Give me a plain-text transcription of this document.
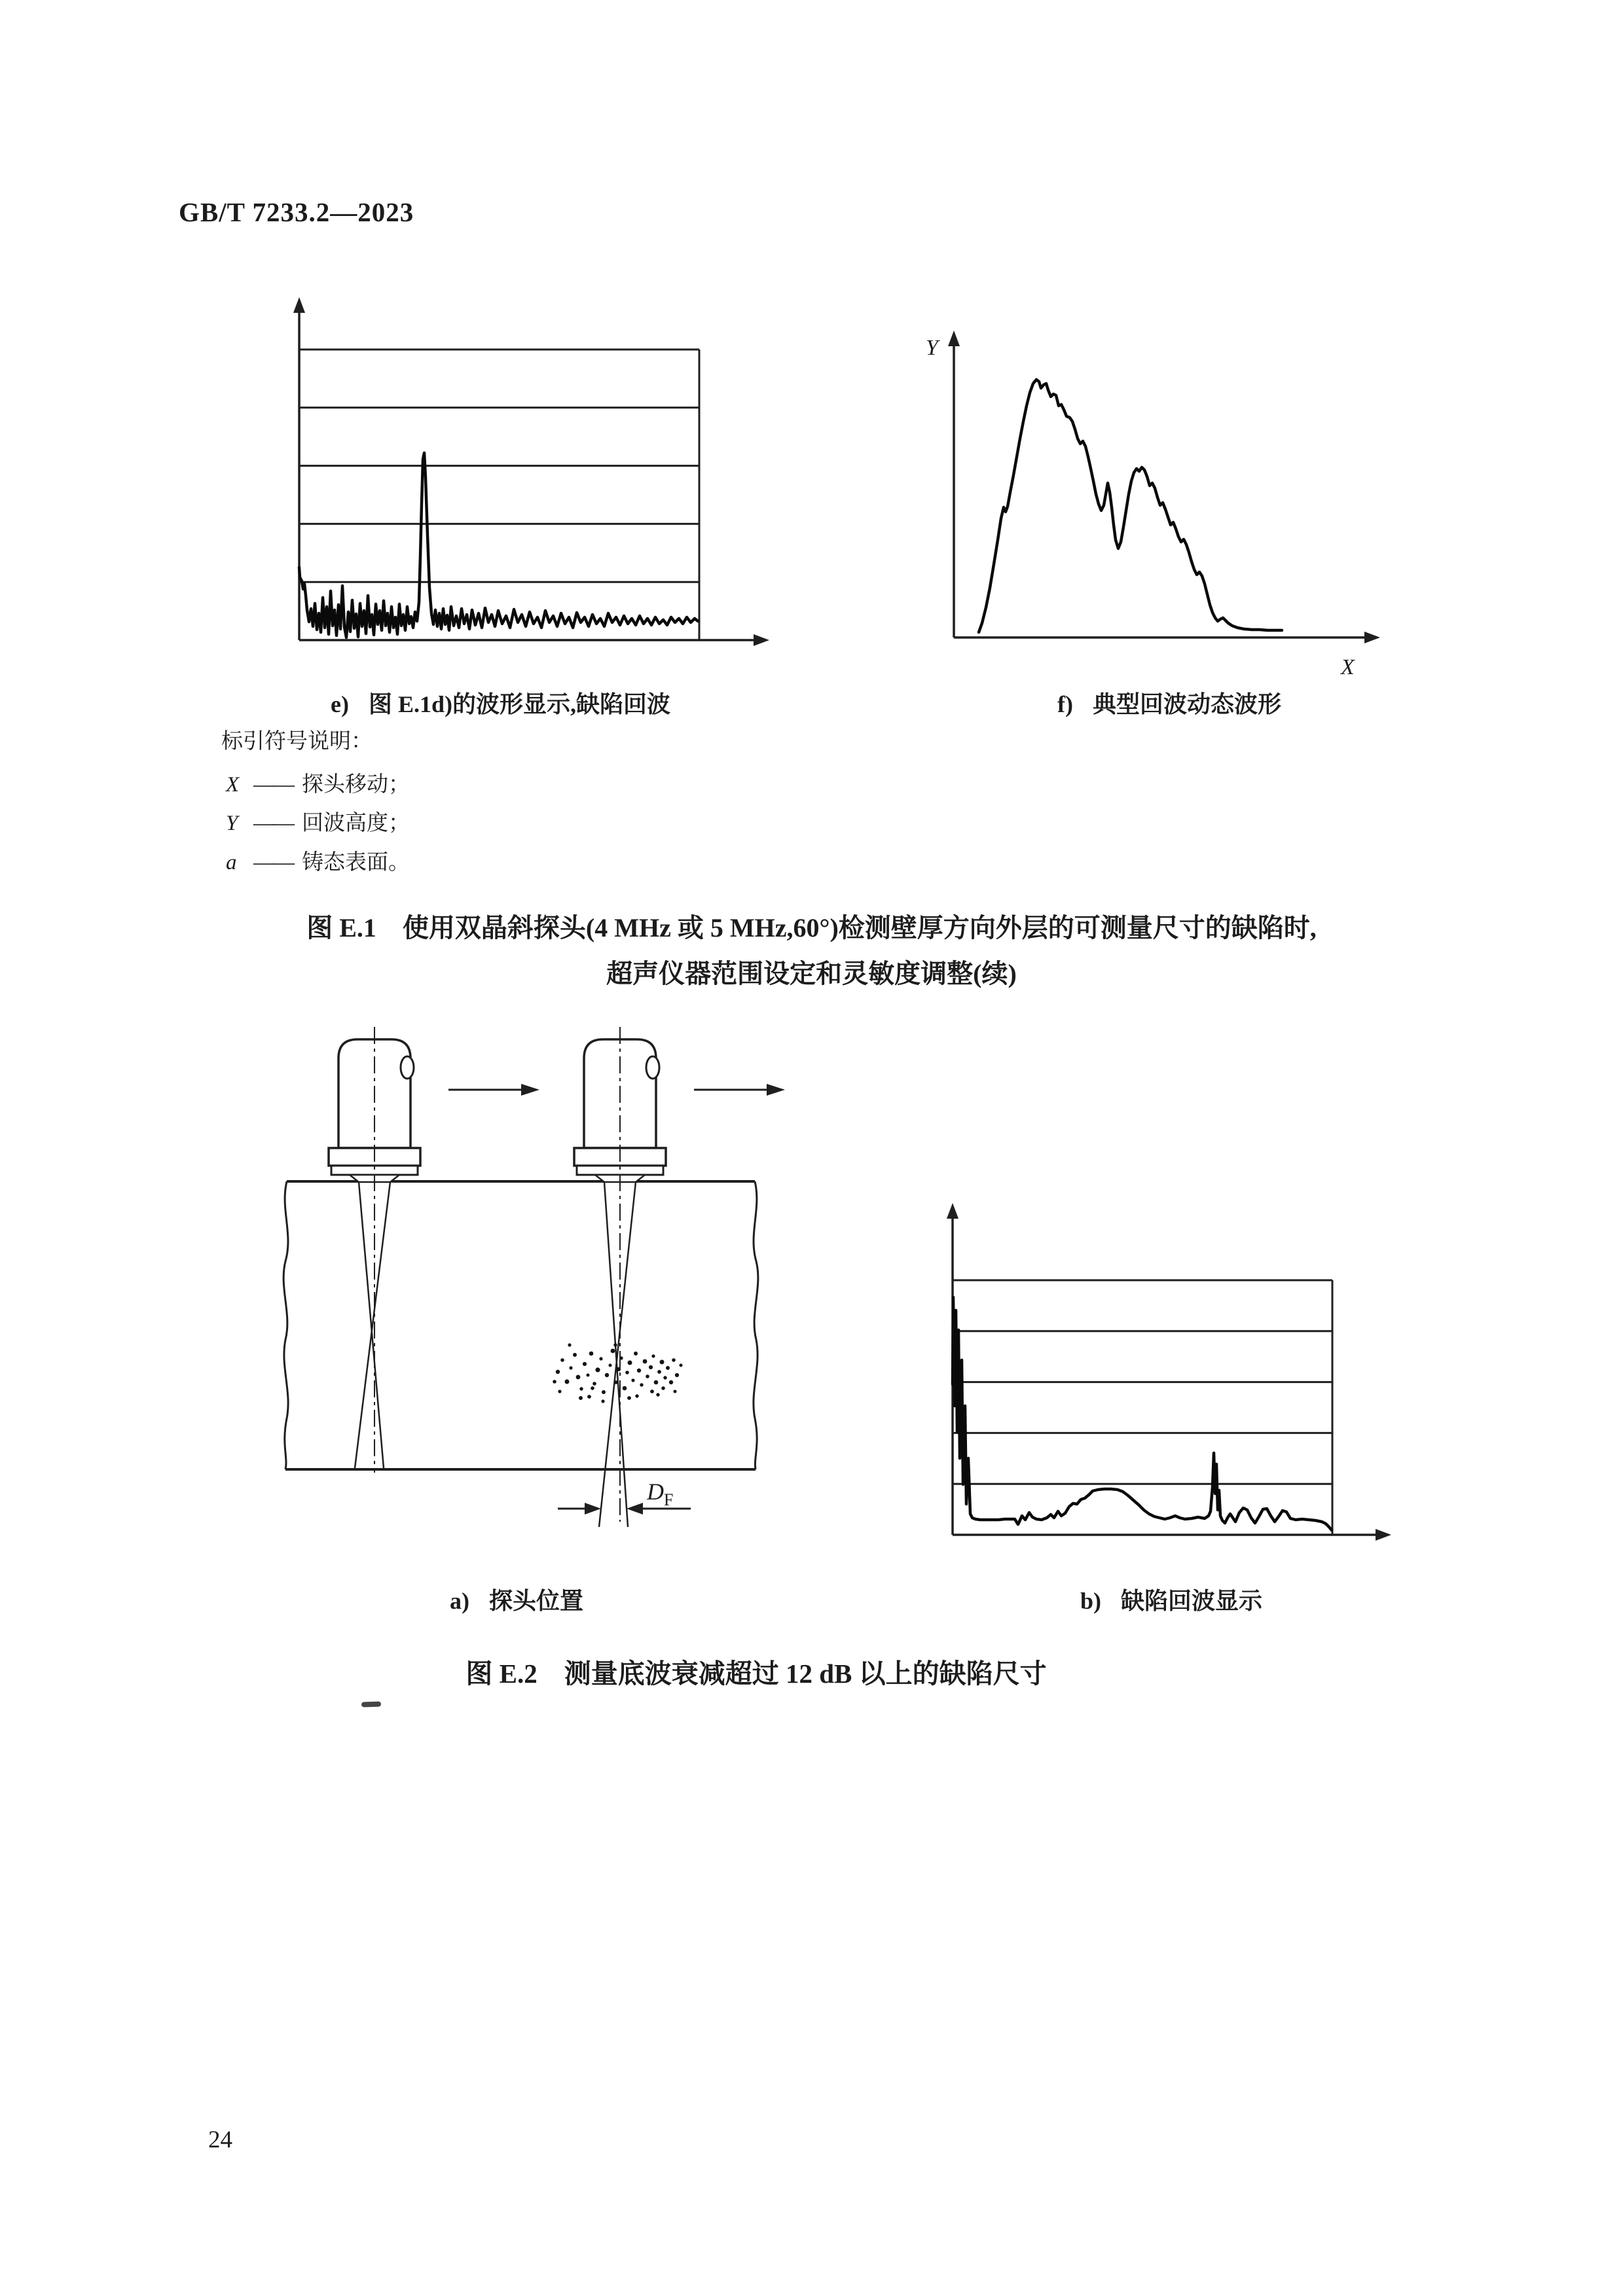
GB/T 7233.2—2023
Y
X
e) 图 E.1d)的波形显示,缺陷回波	f) 典型回波动态波形
标引符号说明：
X —— 探头移动；
Y —— 回波高度；
a —— 铸态表面。
图 E.1　使用双晶斜探头(4 MHz 或 5 MHz,60°)检测壁厚方向外层的可测量尺寸的缺陷时,
超声仪器范围设定和灵敏度调整(续)
$D_F$
a) 探头位置	b) 缺陷回波显示
图 E.2　测量底波衰减超过 12 dB 以上的缺陷尺寸
24
